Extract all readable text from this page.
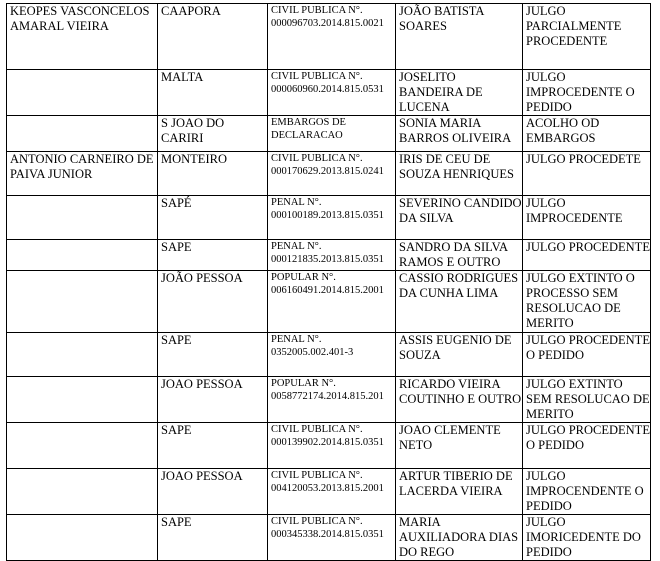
KEOPES VASCONCELOS AMARAL VIEIRA	CAAPORA	CIVIL PUBLICA N°.
000096703.2014.815.0021	JOÃO BATISTA SOARES	JULGO PARCIALMENTE PROCEDENTE

	MALTA	CIVIL PUBLICA N°.
000060960.2014.815.0531	JOSELITO BANDEIRA DE LUCENA	JULGO IMPROCEDENTE O PEDIDO

	S JOAO DO CARIRI	EMBARGOS DE DECLARACAO	SONIA MARIA BARROS OLIVEIRA	ACOLHO OD EMBARGOS

ANTONIO CARNEIRO DE PAIVA JUNIOR	MONTEIRO	CIVIL PUBLICA N°.
000170629.2013.815.0241	IRIS DE CEU DE SOUZA HENRIQUES	JULGO PROCEDETE

	SAPÉ	PENAL N°.
000100189.2013.815.0351	SEVERINO CANDIDO DA SILVA	JULGO IMPROCEDENTE

	SAPE	PENAL N°.
000121835.2013.815.0351	SANDRO DA SILVA RAMOS E OUTRO	JULGO PROCEDENTE

	JOÃO PESSOA	POPULAR N°.
006160491.2014.815.2001	CASSIO RODRIGUES DA CUNHA LIMA	JULGO EXTINTO O PROCESSO SEM RESOLUCAO DE MERITO

	SAPE	PENAL N°.
0352005.002.401-3	ASSIS EUGENIO DE SOUZA	JULGO PROCEDENTE O PEDIDO

	JOAO PESSOA	POPULAR N°.
0058772174.2014.815.201	RICARDO VIEIRA COUTINHO E OUTRO	JULGO EXTINTO SEM RESOLUCAO DE MERITO

	SAPE	CIVIL PUBLICA N°.
000139902.2014.815.0351	JOAO CLEMENTE NETO	JULGO PROCEDENTE O PEDIDO

	JOAO PESSOA	CIVIL PUBLICA N°.
004120053.2013.815.2001	ARTUR TIBERIO DE LACERDA VIEIRA	JULGO IMPROCENDENTE O PEDIDO

	SAPE	CIVIL PUBLICA N°.
000345338.2014.815.0351	MARIA AUXILIADORA DIAS DO REGO	JULGO IMORICEDENTE DO PEDIDO
